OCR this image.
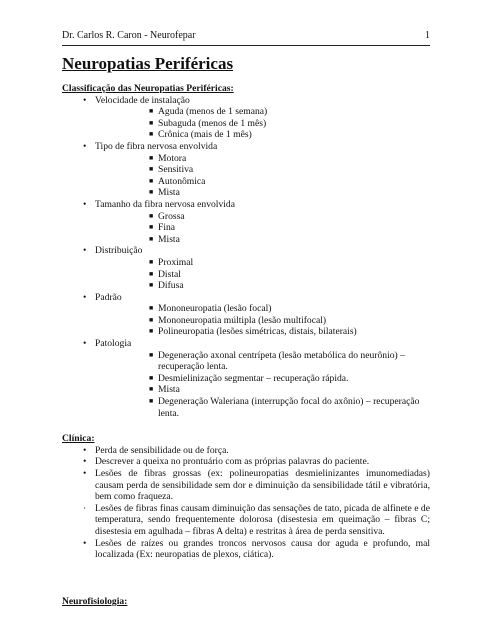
Dr. Carlos R. Caron - Neurofepar	1
Neuropatias Periféricas
Classificação das Neuropatias Periféricas:
• Velocidade de instalação
■ Aguda (menos de 1 semana)
■ Subaguda (menos de 1 mês)
■ Crônica (mais de 1 mês)
• Tipo de fibra nervosa envolvida
■ Motora
■ Sensitiva
■ Autonômica
■ Mista
• Tamanho da fibra nervosa envolvida
■ Grossa
■ Fina
■ Mista
• Distribuição
■ Proximal
■ Distal
■ Difusa
• Padrão
■ Mononeuropatia (lesão focal)
■ Mononeuropatia múltipla (lesão multifocal)
■ Polineuropatia (lesões simétricas, distais, bilaterais)
• Patologia
■ Degeneração axonal centrípeta (lesão metabólica do neurônio) – recuperação lenta.
■ Desmielinização segmentar – recuperação rápida.
■ Mista
■ Degeneração Waleriana (interrupção focal do axônio) – recuperação lenta.
Clínica:
• Perda de sensibilidade ou de força.
• Descrever a queixa no prontuário com as próprias palavras do paciente.
• Lesões de fibras grossas (ex: polineuropatias desmielinizantes imunomediadas) causam perda de sensibilidade sem dor e diminuição da sensibilidade tátil e vibratória, bem como fraqueza.
· Lesões de fibras finas causam diminuição das sensações de tato, picada de alfinete e de temperatura, sendo frequentemente dolorosa (disestesia em queimação – fibras C; disestesia em agulhada – fibras A delta) e restritas à área de perda sensitiva.
• Lesões de raízes ou grandes troncos nervosos causa dor aguda e profundo, mal localizada (Ex: neuropatias de plexos, ciática).
Neurofisiologia:
